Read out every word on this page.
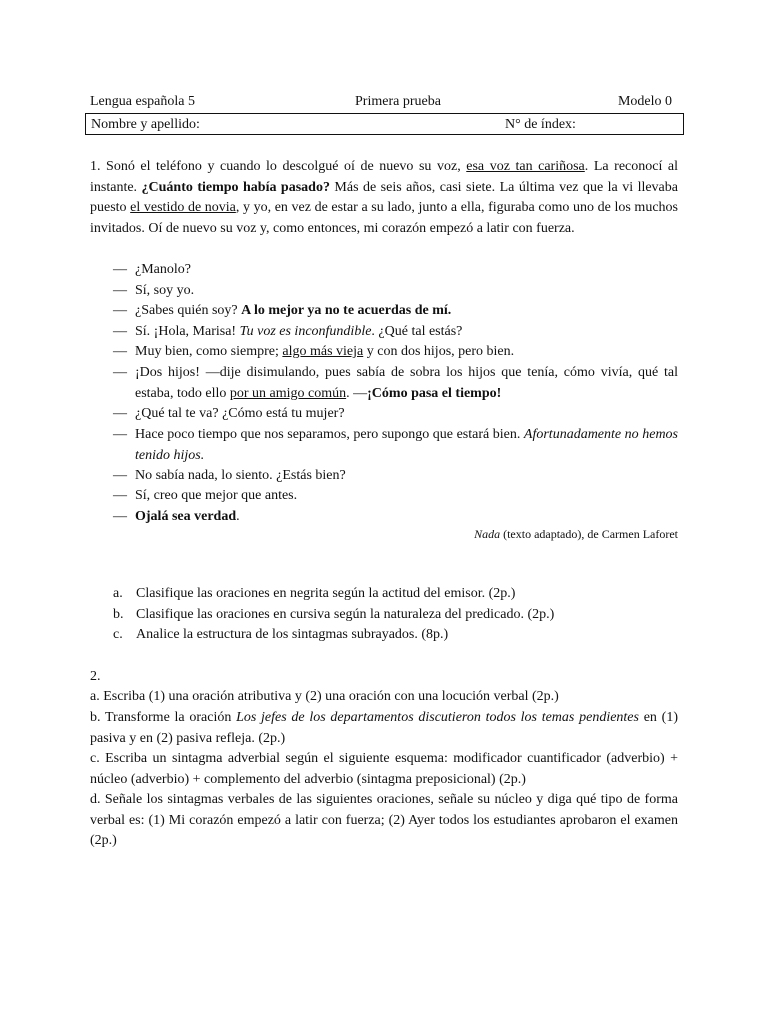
Lengua española 5	Primera prueba	Modelo 0
Nombre y apellido:	N° de índex:
1. Sonó el teléfono y cuando lo descolgué oí de nuevo su voz, esa voz tan cariñosa. La reconocí al instante. ¿Cuánto tiempo había pasado? Más de seis años, casi siete. La última vez que la vi llevaba puesto el vestido de novia, y yo, en vez de estar a su lado, junto a ella, figuraba como uno de los muchos invitados. Oí de nuevo su voz y, como entonces, mi corazón empezó a latir con fuerza.
— ¿Manolo?
— Sí, soy yo.
— ¿Sabes quién soy? A lo mejor ya no te acuerdas de mí.
— Sí. ¡Hola, Marisa! Tu voz es inconfundible. ¿Qué tal estás?
— Muy bien, como siempre; algo más vieja y con dos hijos, pero bien.
— ¡Dos hijos! —dije disimulando, pues sabía de sobra los hijos que tenía, cómo vivía, qué tal estaba, todo ello por un amigo común. —¡Cómo pasa el tiempo!
— ¿Qué tal te va? ¿Cómo está tu mujer?
— Hace poco tiempo que nos separamos, pero supongo que estará bien. Afortunadamente no hemos tenido hijos.
— No sabía nada, lo siento. ¿Estás bien?
— Sí, creo que mejor que antes.
— Ojalá sea verdad.
Nada (texto adaptado), de Carmen Laforet
a. Clasifique las oraciones en negrita según la actitud del emisor. (2p.)
b. Clasifique las oraciones en cursiva según la naturaleza del predicado. (2p.)
c. Analice la estructura de los sintagmas subrayados. (8p.)
2.
a. Escriba (1) una oración atributiva y (2) una oración con una locución verbal (2p.)
b. Transforme la oración Los jefes de los departamentos discutieron todos los temas pendientes en (1) pasiva y en (2) pasiva refleja. (2p.)
c. Escriba un sintagma adverbial según el siguiente esquema: modificador cuantificador (adverbio) + núcleo (adverbio) + complemento del adverbio (sintagma preposicional) (2p.)
d. Señale los sintagmas verbales de las siguientes oraciones, señale su núcleo y diga qué tipo de forma verbal es: (1) Mi corazón empezó a latir con fuerza; (2) Ayer todos los estudiantes aprobaron el examen (2p.)
